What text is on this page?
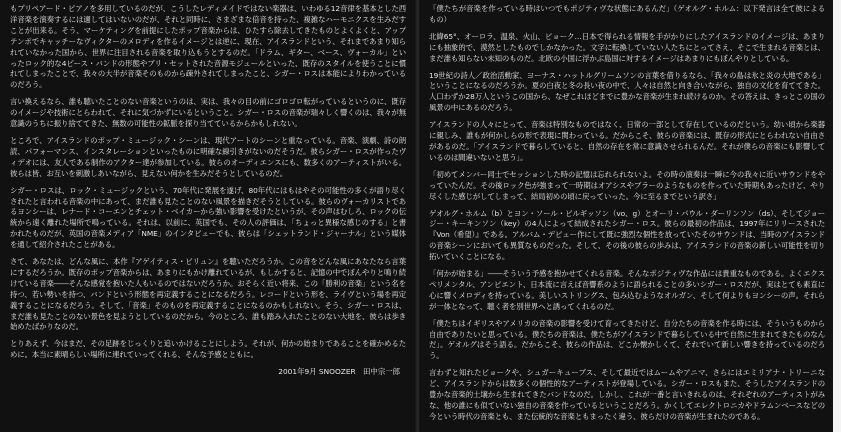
もプリペアード・ピアノを多用しているのだが、こうしたレディメイドではない楽器は、いわゆる12音律を基本とした西洋音楽を演奏するには適してはいないのだが、それと同時に、さまざまな倍音を持った、複雑なハーモニクスを生みだすことが出来る。そう、マーケティングを前提にしたポップ音楽からは、ひたすら除去してきたものとよくよくと、アップテンポでキャッチーなヴィクターのメロディを作るイメージとは逆に、現在、アイスランドという、それまであまり知られていなかった国から、世界に注目される音楽を取り込もうとするのだ。「ドラム、ギター、ベース、ヴォーカル」といったロック的な4ピース・バンドの形態やブリ・セットされた音源モジュールといった、既存のスタイルを使うことに慣れてしまったことで、我々の大半が音楽そのものから疎外されてしまったこと、シガー・ロスは本能によりわかっているのだろう。

言い換えるなら、誰も聴いたことのない音楽というのは、実は、我々の目の前にゴロゴロ転がっているというのに、既存のイメージや技術にとらわれて、それに気づかずにいるということ。シガー・ロスの音楽が瑞々しく響くのは、我々が無意識のうちに振り捨ててきた、無数の可能性の鉱脈を探り当てているからかもしれない。

ところで、アイスランドのポップ・ミュージック・シーンは、現代アートのシーンと重なっている。音楽、演劇、詩の朗読、パフォーマンス、インスタレーションといったものに明確な線引きがないのだそうだ。彼らシガー・ロスが作ったヴィデオには、友人である制作のアクター達が参加している。彼らのオーディエンスにも、数多くのアーティストがいる。彼らは皆、お互いを刺激しあいながら、見えない何かを生みだそうとしているのだ。

シガー・ロスは、ロック・ミュージックという、70年代に発展を遂げ、80年代にはもはやその可能性の多くが語り尽くされたと言われる音楽の中にあって、まだ誰も見たことのない風景を描きだそうとしている。彼らのヴォーカリストであるヨンシーは、レナード・コーエンとチェット・ベイカーから強い影響を受けたというが、その声はむしろ、ロックの伝統から遠く離れた場所で鳴っている。それは、以前に、英国でも、その人の評価は、「ちょっと異様な感じのする」と書かれたものだが、英国の音楽メディア「NME」のインタビューでも、彼らは「シェットランド・ジャーナル」という媒体を通して紹介されたことがある。

さて、あなたは、どんな風に、本作『アゲイティス・ビリュン』を聴いただろうか。この音をどんな風にあなたなら言葉にするだろうか。既存のポップ音楽からは、あまりにもかけ離れているが、もしかすると、記憶の中でぼんやりと鳴り続けている音楽――そんな感覚を抱いた人もいるのではないだろうか。おそらく近い将来、この「勝利の音楽」という名を持つ、若い勢いを持つ、バンドという形態を再定義することになるだろう。レコードという形を、ライヴという場を再定義することになるだろう。そして、「音楽」そのものを再定義することになるのかもしれない。そう、シガー・ロスは、まだ誰も見たことのない景色を見ようとしているのだから。今のところ、誰も踏み入れたことのない大地を、彼らは歩き始めたばかりなのだ。

とりあえず、今はまだ、その足跡をじっくりと追いかけることにしよう。それが、何かの始まりであることを確かめるために。本当に素晴らしい場所に連れていってくれる、そんな予感とともに。

2001年9月 SNOOZER　田中宗一郎

「僕たちが音楽を作っている時はいつでもポジティヴな状態にあるんだ」（ゲオルグ・ホルム：以下発言は全て彼によるもの）

北緯65°、オーロラ、温泉、火山、ビョーク…日本で得られる情報を手がかりにしたアイスランドのイメージは、あまりにも抽象的で、漠然としたものでしかなかった。文字に転換していない人たちにとってさえ、そこで生まれる音楽とは、まだ誰も知らない未知のものだ。北欧の小国に浮かぶ島国に対するイメージはあまりにもぼんやりとしている。

19世紀の詩人／政治活動家、ヨーナス・ハットルグリームソンの言葉を借りるなら、「我々の島は氷と炎の大地である」ということになるのだろうか。夏の白夜と冬の長い夜の中で、人々は自然と向き合いながら、独自の文化を育ててきた。人口わずか28万人というこの国から、なぜこれほどまでに豊かな音楽が生まれ続けるのか。その答えは、きっとこの国の風景の中にあるのだろう。

アイスランドの人々にとって、音楽は特別なものではなく、日常の一部として存在しているのだという。幼い頃から楽器に親しみ、誰もが何かしらの形で表現に関わっている。だからこそ、彼らの音楽には、既存の形式にとらわれない自由さがあるのだ。「アイスランドで暮らしていると、自然の存在を常に意識させられるんだ。それが僕らの音楽にも影響しているのは間違いないと思う」。

「初めてメンバー同士でセッションした時の記憶は忘れられないよ。その時の演奏は一瞬に今の我々に近いサウンドをやっていたんだ。その後ロック色が強まって一時期はオアシスやブラーのようなものを作っていた時期もあったけど、やり尽くした感じがしてしまって、結局初めの頃に戻っていった。今に至るまでという訳さ」

ゲオルグ・ホルム（b）とヨン・ソール・ビルギッソン（vo、g）とオーリ・パウル・ダーリンソン（ds）、そしてジョージー・キーキンソン（key）の4人によって結成されたシガー・ロス。彼らの最初の作品は、1997年にリリースされた『Von（希望）』である。アルバム・デビュー作にして既に強烈な個性を放っていたそのサウンドは、当時のアイスランドの音楽シーンにおいても異質なものだった。そして、その後の彼らの歩みは、アイスランドの音楽の新しい可能性を切り拓いていくことになる。

「何かが始まる」――そういう予感を抱かせてくれる音楽。そんなポジティヴな作品には貴重なものである。よくエクスペリメンタル、アンビエント、日本流に言えば音響系のように語られることの多いシガー・ロスだが、実はとても素直に心に響くメロディを持っている。美しいストリングス、包み込むようなオルガン、そして何よりもヨンシーの声。それらが一体となって、聴く者を別世界へと誘ってくれるのだ。

「僕たちはイギリスやアメリカの音楽の影響を受けて育ってきたけど、自分たちの音楽を作る時には、そういうものから自由でありたいと思っている。僕たちの音楽は、僕たちがアイスランドで暮らしている中で自然に生まれてきたものなんだ」。ゲオルグはそう語る。だからこそ、彼らの作品は、どこか懐かしくて、それでいて新しい響きを持っているのだろう。

言わずと知れたビョークや、シュガーキューブス、そして最近ではムームやアニマ、さらにはエミリアナ・トリーニなど、アイスランドからは数多くの個性的なアーティストが登場している。シガー・ロスもまた、そうしたアイスランドの豊かな音楽的土壌から生まれてきたバンドなのだ。しかし、これが一番と言いきれるのは、それぞれのアーティストがみな、他の誰にも似ていない独自の音楽を作っているということだろう。かくしてエレクトロニカやドラムンベースなどの今という時代の音楽とも、また伝統的な音楽ともまったく違う、彼らだけの音楽が生まれたのである。
